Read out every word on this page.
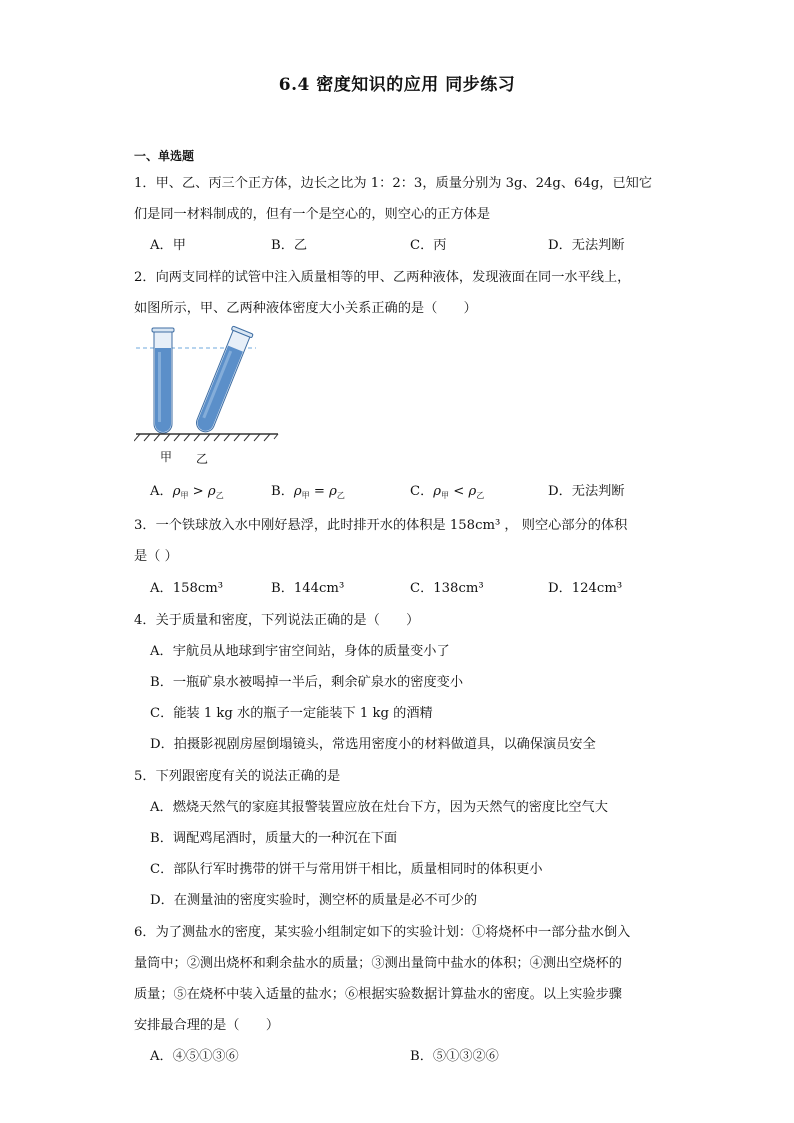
6.4 密度知识的应用 同步练习
一、单选题
1．甲、乙、丙三个正方体，边长之比为 1：2：3，质量分别为 3g、24g、64g，已知它
们是同一材料制成的，但有一个是空心的，则空心的正方体是
A．甲	B．乙	C．丙	D．无法判断
2．向两支同样的试管中注入质量相等的甲、乙两种液体，发现液面在同一水平线上，
如图所示，甲、乙两种液体密度大小关系正确的是（　　）
甲 乙
A．$\rho_甲 > \rho_乙$	B．$\rho_甲 = \rho_乙$	C．$\rho_甲 < \rho_乙$	D．无法判断
3．一个铁球放入水中刚好悬浮，此时排开水的体积是 158cm³ ， 则空心部分的体积
是（ ）
A．158cm³	B．144cm³	C．138cm³	D．124cm³
4．关于质量和密度，下列说法正确的是（　　）
A．宇航员从地球到宇宙空间站，身体的质量变小了
B．一瓶矿泉水被喝掉一半后，剩余矿泉水的密度变小
C．能装 1 kg 水的瓶子一定能装下 1 kg 的酒精
D．拍摄影视剧房屋倒塌镜头，常选用密度小的材料做道具，以确保演员安全
5．下列跟密度有关的说法正确的是
A．燃烧天然气的家庭其报警装置应放在灶台下方，因为天然气的密度比空气大
B．调配鸡尾酒时，质量大的一种沉在下面
C．部队行军时携带的饼干与常用饼干相比，质量相同时的体积更小
D．在测量油的密度实验时，测空杯的质量是必不可少的
6．为了测盐水的密度，某实验小组制定如下的实验计划：①将烧杯中一部分盐水倒入
量筒中；②测出烧杯和剩余盐水的质量；③测出量筒中盐水的体积；④测出空烧杯的
质量；⑤在烧杯中装入适量的盐水；⑥根据实验数据计算盐水的密度。以上实验步骤
安排最合理的是（　　）
A．④⑤①③⑥	B．⑤①③②⑥
